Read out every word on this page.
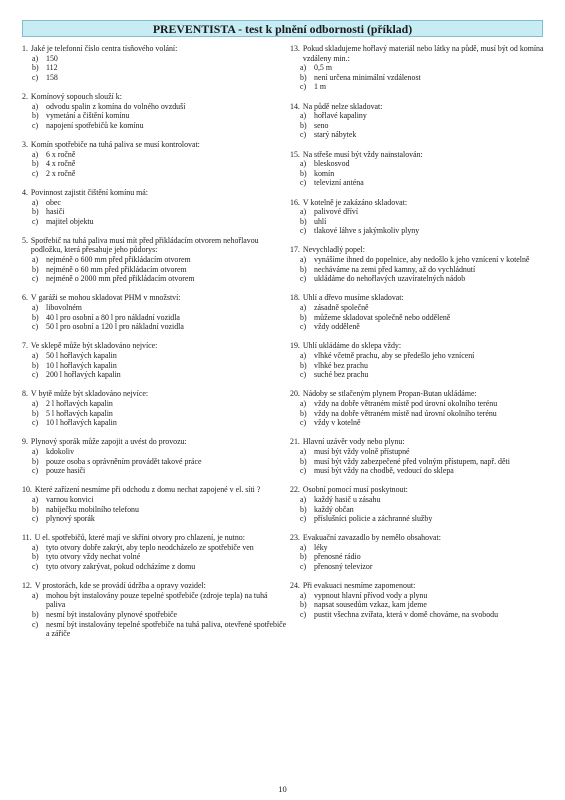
PREVENTISTA - test k plnění odbornosti (příklad)
1. Jaké je telefonní číslo centra tísňového volání:
a) 150
b) 112
c) 158
2. Komínový sopouch slouží k:
a) odvodu spalin z komína do volného ovzduší
b) vymetání a čištění komínu
c) napojení spotřebičů ke komínu
3. Komín spotřebiče na tuhá paliva se musí kontrolovat:
a) 6 x ročně
b) 4 x ročně
c) 2 x ročně
4. Povinnost zajistit čištění komínu má:
a) obec
b) hasiči
c) majitel objektu
5. Spotřebič na tuhá paliva musí mít před přikládacím otvorem nehořlavou podložku, která přesahuje jeho půdorys:
a) nejméně o 600 mm před přikládacím otvorem
b) nejméně o 60 mm před přikládacím otvorem
c) nejméně o 2000 mm před přikládacím otvorem
6. V garáži se mohou skladovat PHM v množství:
a) libovolném
b) 40 l pro osobní a 80 l pro nákladní vozidla
c) 50 l pro osobní a 120 l pro nákladní vozidla
7. Ve sklepě může být skladováno nejvíce:
a) 50 l hořlavých kapalin
b) 10 l hořlavých kapalin
c) 200 l hořlavých kapalin
8. V bytě může být skladováno nejvíce:
a) 2 l hořlavých kapalin
b) 5 l hořlavých kapalin
c) 10 l hořlavých kapalin
9. Plynový sporák může zapojit a uvést do provozu:
a) kdokoliv
b) pouze osoba s oprávněním provádět takové práce
c) pouze hasiči
10. Které zařízení nesmíme při odchodu z domu nechat zapojené v el. síti ?
a) varnou konvici
b) nabíječku mobilního telefonu
c) plynový sporák
11. U el. spotřebičů, které mají ve skříni otvory pro chlazení, je nutno:
a) tyto otvory dobře zakrýt, aby teplo neodcházelo ze spotřebiče ven
b) tyto otvory vždy nechat volné
c) tyto otvory zakrývat, pokud odcházíme z domu
12. V prostorách, kde se provádí údržba a opravy vozidel:
a) mohou být instalovány pouze tepelné spotřebiče (zdroje tepla) na tuhá paliva
b) nesmí být instalovány plynové spotřebiče
c) nesmí být instalovány tepelné spotřebiče na tuhá paliva, otevřené spotřebiče a zářiče
13. Pokud skladujeme hořlavý materiál nebo látky na půdě, musí být od komína vzdáleny min.:
a) 0,5 m
b) není určena minimální vzdálenost
c) 1 m
14. Na půdě nelze skladovat:
a) hořlavé kapaliny
b) seno
c) starý nábytek
15. Na střeše musí být vždy nainstalován:
a) bleskosvod
b) komín
c) televizní anténa
16. V kotelně je zakázáno skladovat:
a) palivové dříví
b) uhlí
c) tlakové láhve s jakýmkoliv plyny
17. Nevychladlý popel:
a) vynášíme ihned do popelnice, aby nedošlo k jeho vznícení v kotelně
b) necháváme na zemi před kamny, až do vychládnutí
c) ukládáme do nehořlavých uzavíratelných nádob
18. Uhlí a dřevo musíme skladovat:
a) zásadně společně
b) můžeme skladovat společně nebo odděleně
c) vždy odděleně
19. Uhlí ukládáme do sklepa vždy:
a) vlhké včetně prachu, aby se předešlo jeho vznícení
b) vlhké bez prachu
c) suché bez prachu
20. Nádoby se stlačeným plynem Propan-Butan ukládáme:
a) vždy na dobře větraném místě pod úrovní okolního terénu
b) vždy na dobře větraném místě nad úrovní okolního terénu
c) vždy v kotelně
21. Hlavní uzávěr vody nebo plynu:
a) musí být vždy volně přístupné
b) musí být vždy zabezpečené před volným přístupem, např. děti
c) musí být vždy na chodbě, vedoucí do sklepa
22. Osobní pomocí musí poskytnout:
a) každý hasič u zásahu
b) každý občan
c) příslušníci policie a záchranné služby
23. Evakuační zavazadlo by nemělo obsahovat:
a) léky
b) přenosné rádio
c) přenosný televizor
24. Při evakuaci nesmíme zapomenout:
a) vypnout hlavní přívod vody a plynu
b) napsat sousedům vzkaz, kam jdeme
c) pustit všechna zvířata, která v domě chováme, na svobodu
10
